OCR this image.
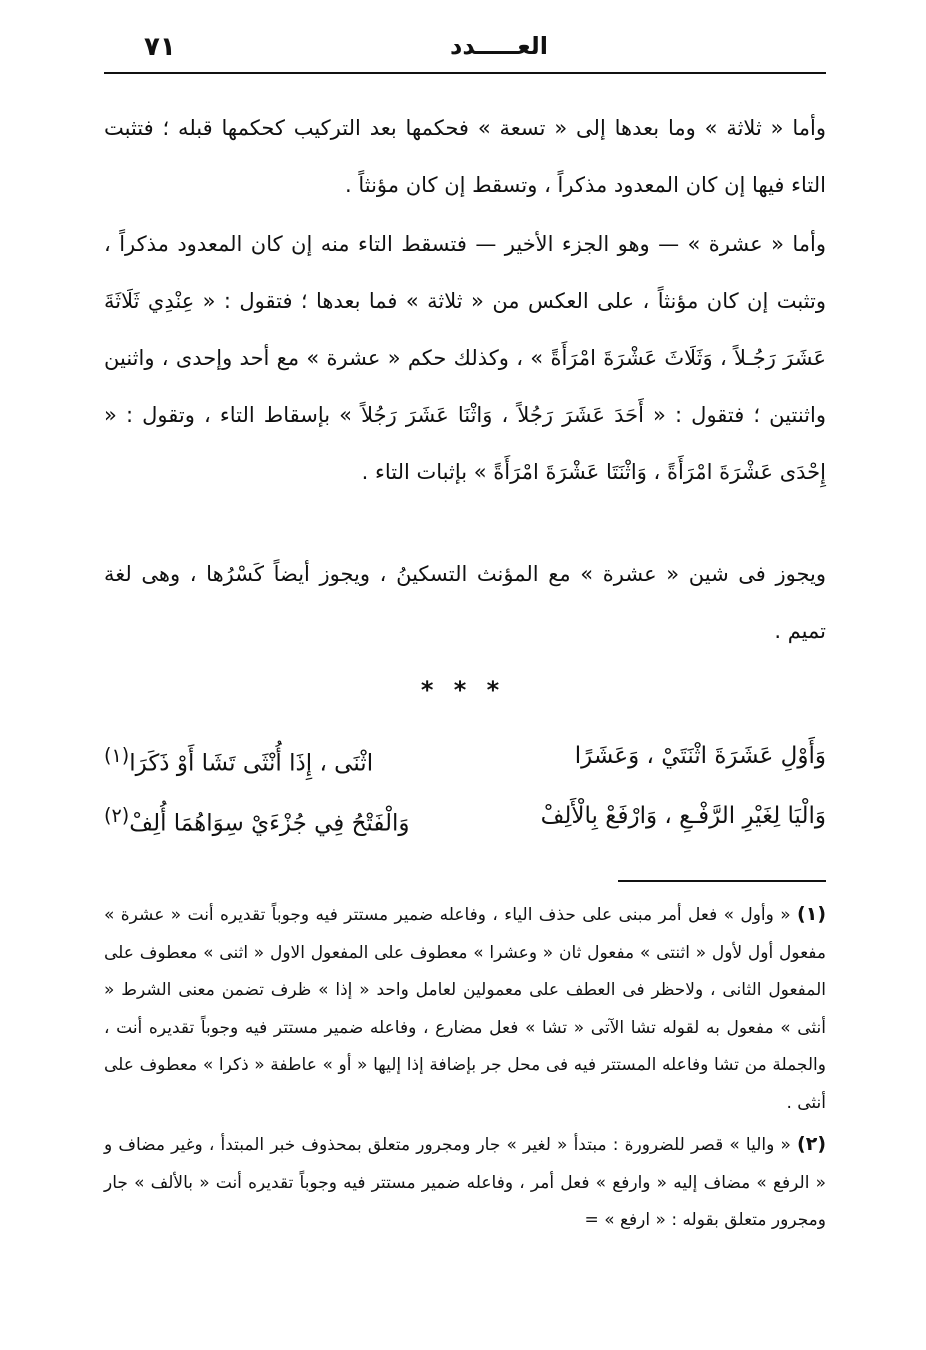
٧١	العـــــدد

وأما « ثلاثة » وما بعدها إلى « تسعة » فحكمها بعد التركيب كحكمها قبله ؛ فتثبت التاء فيها إن كان المعدود مذكراً ، وتسقط إن كان مؤنثاً .

وأما « عشرة » — وهو الجزء الأخير — فتسقط التاء منه إن كان المعدود مذكراً ، وتثبت إن كان مؤنثاً ، على العكس من « ثلاثة » فما بعدها ؛ فتقول : « عِنْدِي ثَلَاثَةَ عَشَرَ رَجُـلاً ، وَثَلَاثَ عَشْرَةَ امْرَأَةً » ، وكذلك حكم « عشرة » مع أحد وإحدى ، واثنين واثنتين ؛ فتقول : « أَحَدَ عَشَرَ رَجُلاً ، وَاثْنَا عَشَرَ رَجُلاً » بإسقاط التاء ، وتقول : « إِحْدَى عَشْرَةَ امْرَأَةً ، وَاثْنَتَا عَشْرَةَ امْرَأَةً » بإثبات التاء .

ويجوز فى شين « عشرة » مع المؤنث التسكينُ ، ويجوز أيضاً كَسْرُها ، وهى لغة تميم .

* * *
وَأَوْلِ عَشَرَةَ اثْنَتَيْ ، وَعَشَرًا
اثْنَى ، إِذَا أُنْثَى تَشَا أَوْ ذَكَرَا$^{(١)}$
وَالْيَا لِغَيْرِ الرَّفْـعِ ، وَارْفَعْ بِالْأَلِفْ
وَالْفَتْحُ فِي جُزْءَيْ سِوَاهُمَا أُلِفْ$^{(٢)}$

(١) « وأول » فعل أمر مبنى على حذف الياء ، وفاعله ضمير مستتر فيه وجوباً تقديره أنت « عشرة » مفعول أول لأول « اثنتى » مفعول ثان « وعشرا » معطوف على المفعول الاول « اثنى » معطوف على المفعول الثانى ، ولاحظر فى العطف على معمولين لعامل واحد « إذا » ظرف تضمن معنى الشرط « أنثى » مفعول به لقوله تشا الآتى « تشا » فعل مضارع ، وفاعله ضمير مستتر فيه وجوباً تقديره أنت ، والجملة من تشا وفاعله المستتر فيه فى محل جر بإضافة إذا إليها « أو » عاطفة « ذكرا » معطوف على أنثى .

(٢) « واليا » قصر للضرورة : مبتدأ « لغير » جار ومجرور متعلق بمحذوف خبر المبتدأ ، وغير مضاف و « الرفع » مضاف إليه « وارفع » فعل أمر ، وفاعله ضمير مستتر فيه وجوباً تقديره أنت « بالألف » جار ومجرور متعلق بقوله : « ارفع » =
